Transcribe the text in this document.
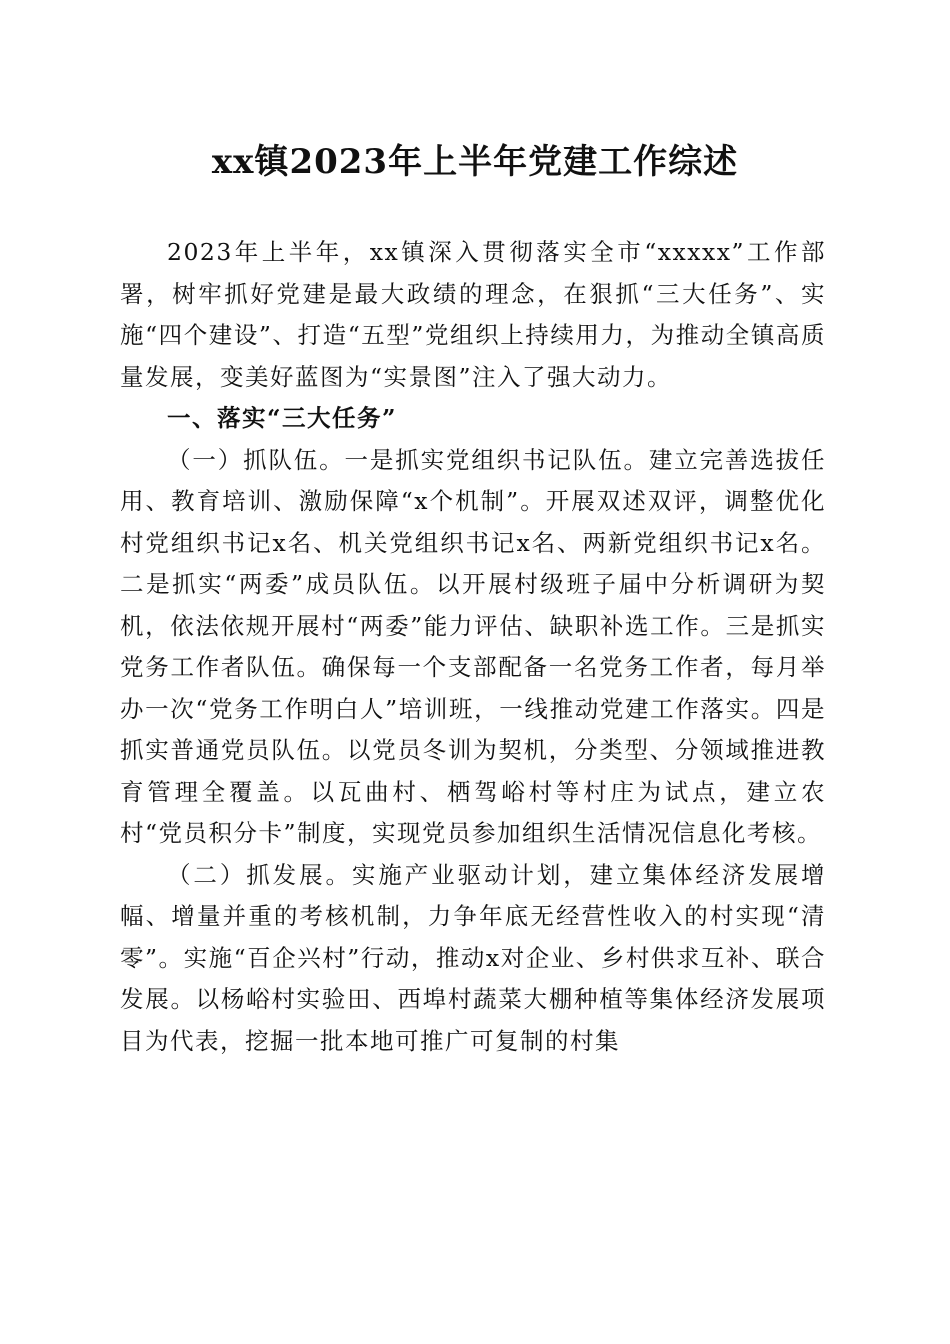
xx镇2023年上半年党建工作综述

2023年上半年，xx镇深入贯彻落实全市“xxxxx”工作部署，树牢抓好党建是最大政绩的理念，在狠抓“三大任务”、实施“四个建设”、打造“五型”党组织上持续用力，为推动全镇高质量发展，变美好蓝图为“实景图”注入了强大动力。

一、落实“三大任务”

（一）抓队伍。一是抓实党组织书记队伍。建立完善选拔任用、教育培训、激励保障“x个机制”。开展双述双评，调整优化村党组织书记x名、机关党组织书记x名、两新党组织书记x名。二是抓实“两委”成员队伍。以开展村级班子届中分析调研为契机，依法依规开展村“两委”能力评估、缺职补选工作。三是抓实党务工作者队伍。确保每一个支部配备一名党务工作者，每月举办一次“党务工作明白人”培训班，一线推动党建工作落实。四是抓实普通党员队伍。以党员冬训为契机，分类型、分领域推进教育管理全覆盖。以瓦曲村、栖驾峪村等村庄为试点，建立农村“党员积分卡”制度，实现党员参加组织生活情况信息化考核。

（二）抓发展。实施产业驱动计划，建立集体经济发展增幅、增量并重的考核机制，力争年底无经营性收入的村实现“清零”。实施“百企兴村”行动，推动x对企业、乡村供求互补、联合发展。以杨峪村实验田、西埠村蔬菜大棚种植等集体经济发展项目为代表，挖掘一批本地可推广可复制的村集
